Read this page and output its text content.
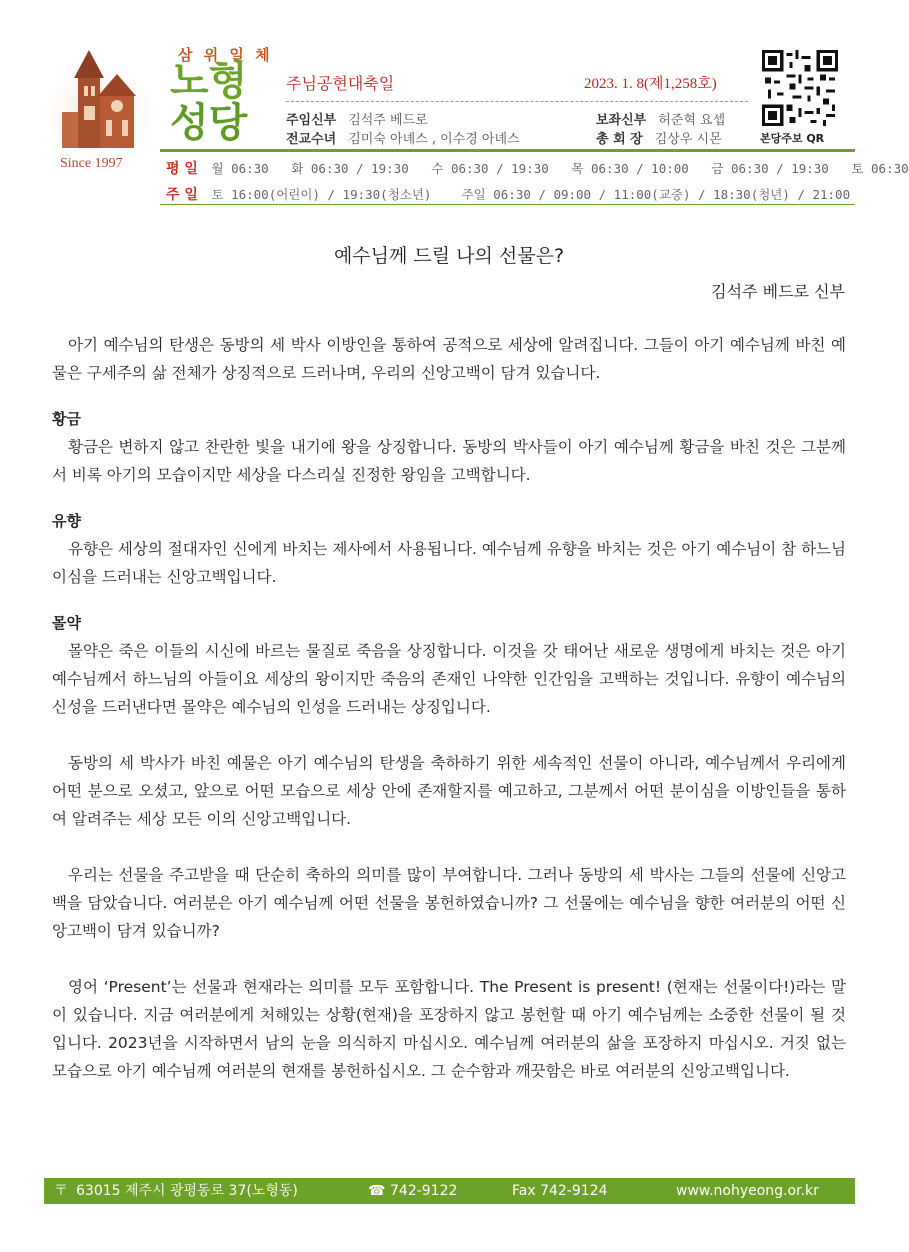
Since 1997
삼 위 일 체
노형
성당
주님공현대축일	2023. 1. 8(제1,258호)
주임신부 김석주 베드로	보좌신부 허준혁 요셉
전교수녀 김미숙 아녜스 , 이수경 아녜스	총 회 장 김상우 시몬	본당주보 QR
평 일 월 06:30 화 06:30 / 19:30 수 06:30 / 19:30 목 06:30 / 10:00 금 06:30 / 19:30 토 06:30
주 일 토 16:00(어린이) / 19:30(청소년) 주일 06:30 / 09:00 / 11:00(교중) / 18:30(청년) / 21:00
예수님께 드릴 나의 선물은?
김석주 베드로 신부

아기 예수님의 탄생은 동방의 세 박사 이방인을 통하여 공적으로 세상에 알려집니다. 그들이 아기 예수님께 바친 예물은 구세주의 삶 전체가 상징적으로 드러나며, 우리의 신앙고백이 담겨 있습니다.

황금

황금은 변하지 않고 찬란한 빛을 내기에 왕을 상징합니다. 동방의 박사들이 아기 예수님께 황금을 바친 것은 그분께서 비록 아기의 모습이지만 세상을 다스리실 진정한 왕임을 고백합니다.

유향

유향은 세상의 절대자인 신에게 바치는 제사에서 사용됩니다. 예수님께 유향을 바치는 것은 아기 예수님이 참 하느님이심을 드러내는 신앙고백입니다.

몰약

몰약은 죽은 이들의 시신에 바르는 물질로 죽음을 상징합니다. 이것을 갓 태어난 새로운 생명에게 바치는 것은 아기 예수님께서 하느님의 아들이요 세상의 왕이지만 죽음의 존재인 나약한 인간임을 고백하는 것입니다. 유향이 예수님의 신성을 드러낸다면 몰약은 예수님의 인성을 드러내는 상징입니다.

동방의 세 박사가 바친 예물은 아기 예수님의 탄생을 축하하기 위한 세속적인 선물이 아니라, 예수님께서 우리에게 어떤 분으로 오셨고, 앞으로 어떤 모습으로 세상 안에 존재할지를 예고하고, 그분께서 어떤 분이심을 이방인들을 통하여 알려주는 세상 모든 이의 신앙고백입니다.

우리는 선물을 주고받을 때 단순히 축하의 의미를 많이 부여합니다. 그러나 동방의 세 박사는 그들의 선물에 신앙고백을 담았습니다. 여러분은 아기 예수님께 어떤 선물을 봉헌하였습니까? 그 선물에는 예수님을 향한 여러분의 어떤 신앙고백이 담겨 있습니까?

영어 ‘Present’는 선물과 현재라는 의미를 모두 포함합니다. The Present is present! (현재는 선물이다!)라는 말이 있습니다. 지금 여러분에게 처해있는 상황(현재)을 포장하지 않고 봉헌할 때 아기 예수님께는 소중한 선물이 될 것입니다. 2023년을 시작하면서 남의 눈을 의식하지 마십시오. 예수님께 여러분의 삶을 포장하지 마십시오. 거짓 없는 모습으로 아기 예수님께 여러분의 현재를 봉헌하십시오. 그 순수함과 깨끗함은 바로 여러분의 신앙고백입니다.

〒 63015 제주시 광평동로 37(노형동)	☎ 742-9122	Fax 742-9124	www.nohyeong.or.kr
